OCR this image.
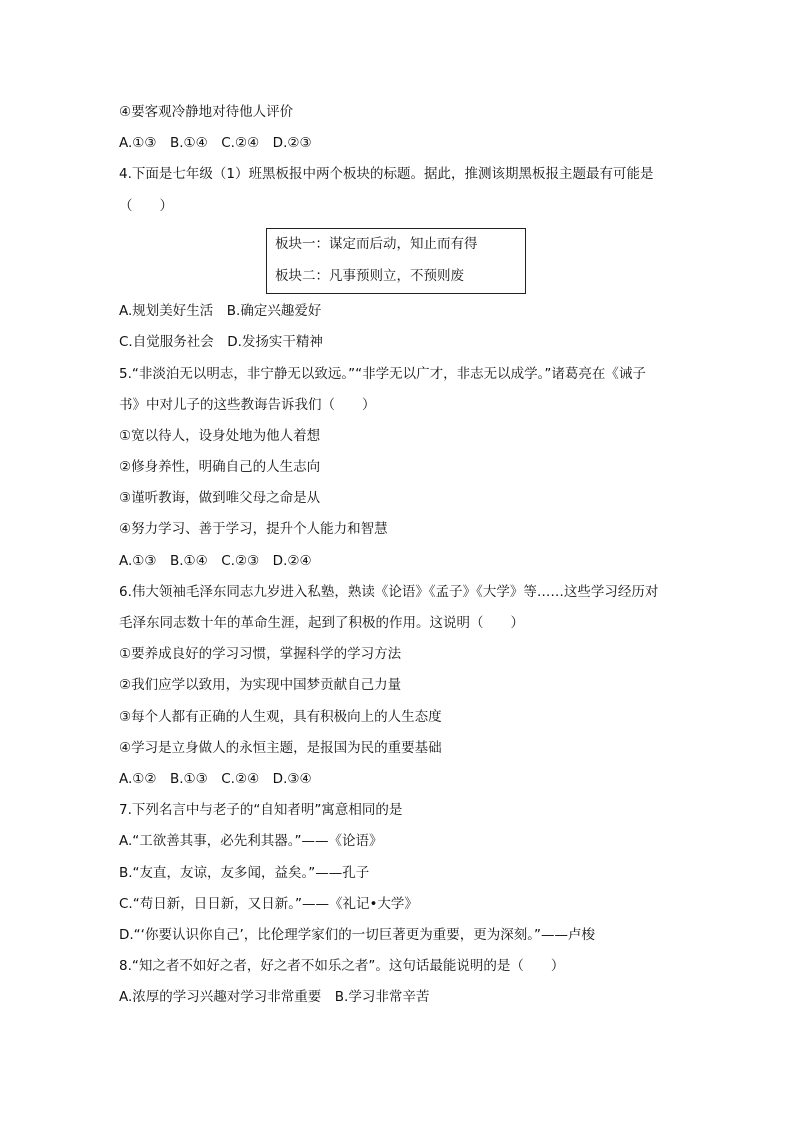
④要客观冷静地对待他人评价
A.①③　B.①④　C.②④　D.②③
4.下面是七年级（1）班黑板报中两个板块的标题。据此，推测该期黑板报主题最有可能是
（　　）
板块一：谋定而后动，知止而有得
板块二：凡事预则立，不预则废
A.规划美好生活　B.确定兴趣爱好
C.自觉服务社会　D.发扬实干精神
5.“非淡泊无以明志，非宁静无以致远。”“非学无以广才，非志无以成学。”诸葛亮在《诫子
书》中对儿子的这些教诲告诉我们（　　）
①宽以待人，设身处地为他人着想
②修身养性，明确自己的人生志向
③谨听教诲，做到唯父母之命是从
④努力学习、善于学习，提升个人能力和智慧
A.①③　B.①④　C.②③　D.②④
6.伟大领袖毛泽东同志九岁进入私塾，熟读《论语》《孟子》《大学》等……这些学习经历对
毛泽东同志数十年的革命生涯，起到了积极的作用。这说明（　　）
①要养成良好的学习习惯，掌握科学的学习方法
②我们应学以致用，为实现中国梦贡献自己力量
③每个人都有正确的人生观，具有积极向上的人生态度
④学习是立身做人的永恒主题，是报国为民的重要基础
A.①②　B.①③　C.②④　D.③④
7.下列名言中与老子的“自知者明”寓意相同的是
A.“工欲善其事，必先利其器。”——《论语》
B.“友直，友谅，友多闻，益矣。”——孔子
C.“苟日新，日日新，又日新。”——《礼记•大学》
D.“‘你要认识你自己’，比伦理学家们的一切巨著更为重要，更为深刻。”——卢梭
8.“知之者不如好之者，好之者不如乐之者”。这句话最能说明的是（　　）
A.浓厚的学习兴趣对学习非常重要　B.学习非常辛苦
